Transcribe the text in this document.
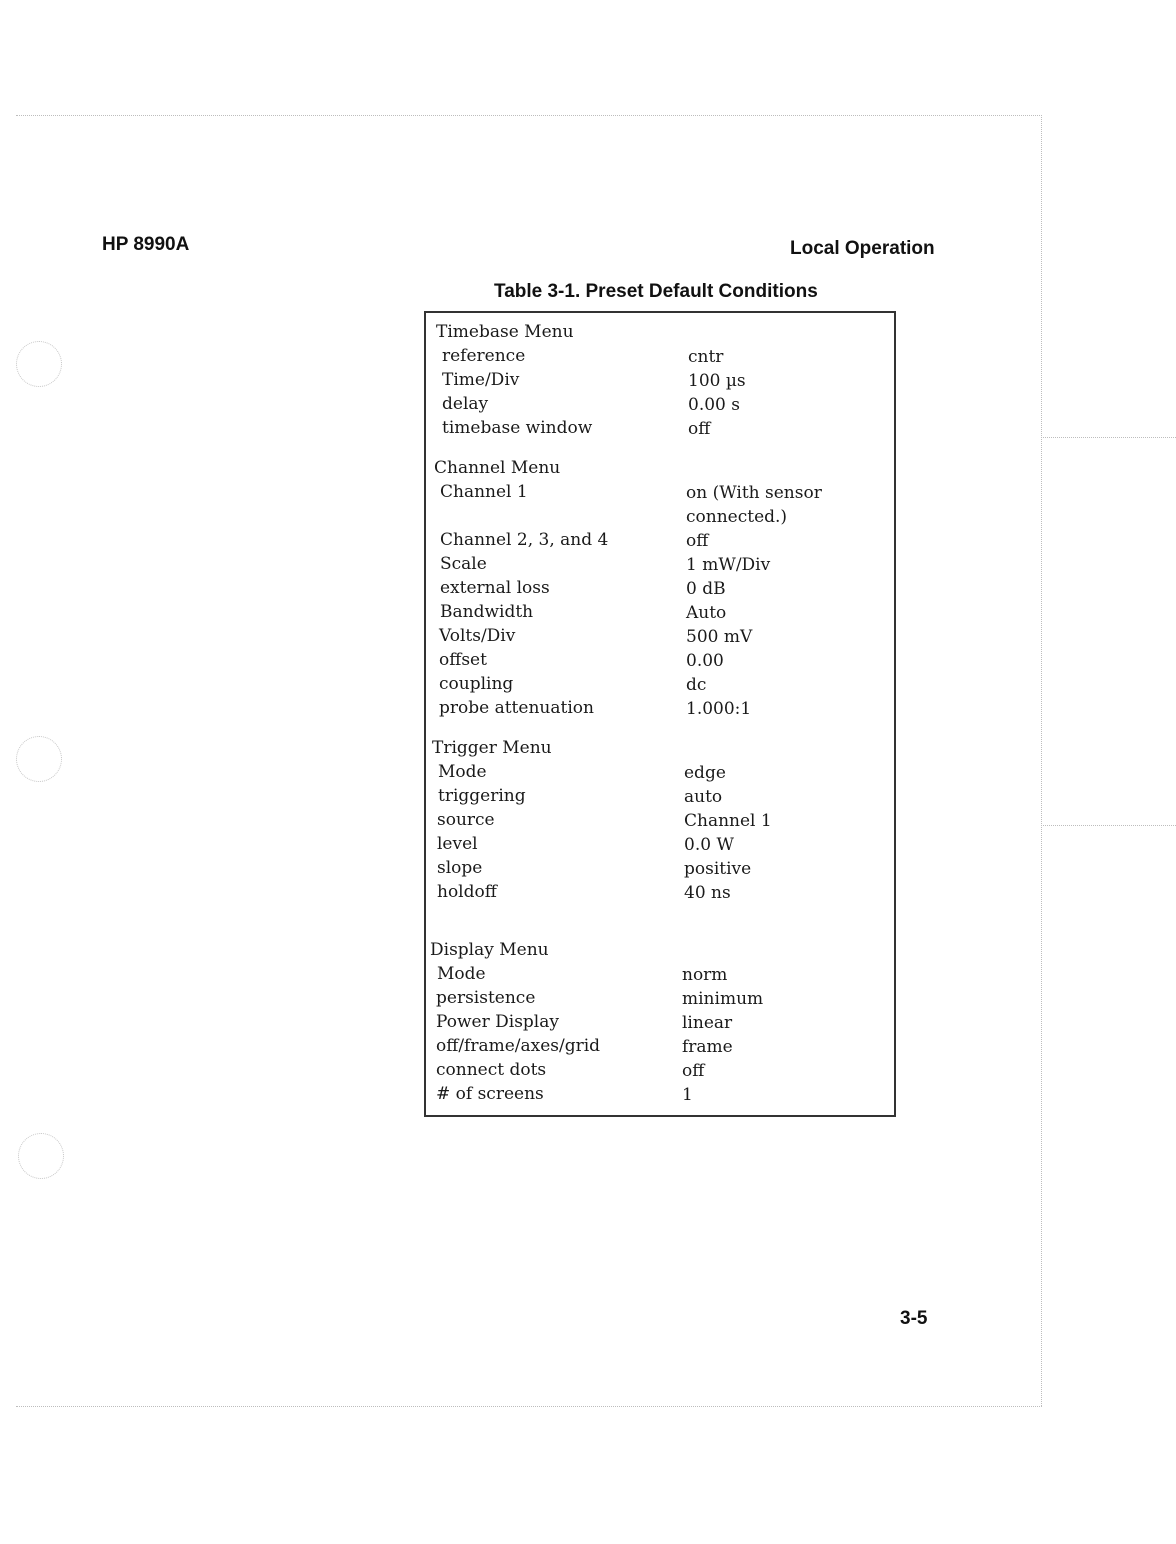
HP 8990A	Local Operation
Table 3-1. Preset Default Conditions
Timebase Menu
reference	cntr
Time/Div	100 µs
delay	0.00 s
timebase window	off
Channel Menu
Channel 1	on (With sensor
connected.)
Channel 2, 3, and 4	off
Scale	1 mW/Div
external loss	0 dB
Bandwidth	Auto
Volts/Div	500 mV
offset	0.00
coupling	dc
probe attenuation	1.000:1
Trigger Menu
Mode	edge
triggering	auto
source	Channel 1
level	0.0 W
slope	positive
holdoff	40 ns
Display Menu
Mode	norm
persistence	minimum
Power Display	linear
off/frame/axes/grid	frame
connect dots	off
# of screens	1
3-5
